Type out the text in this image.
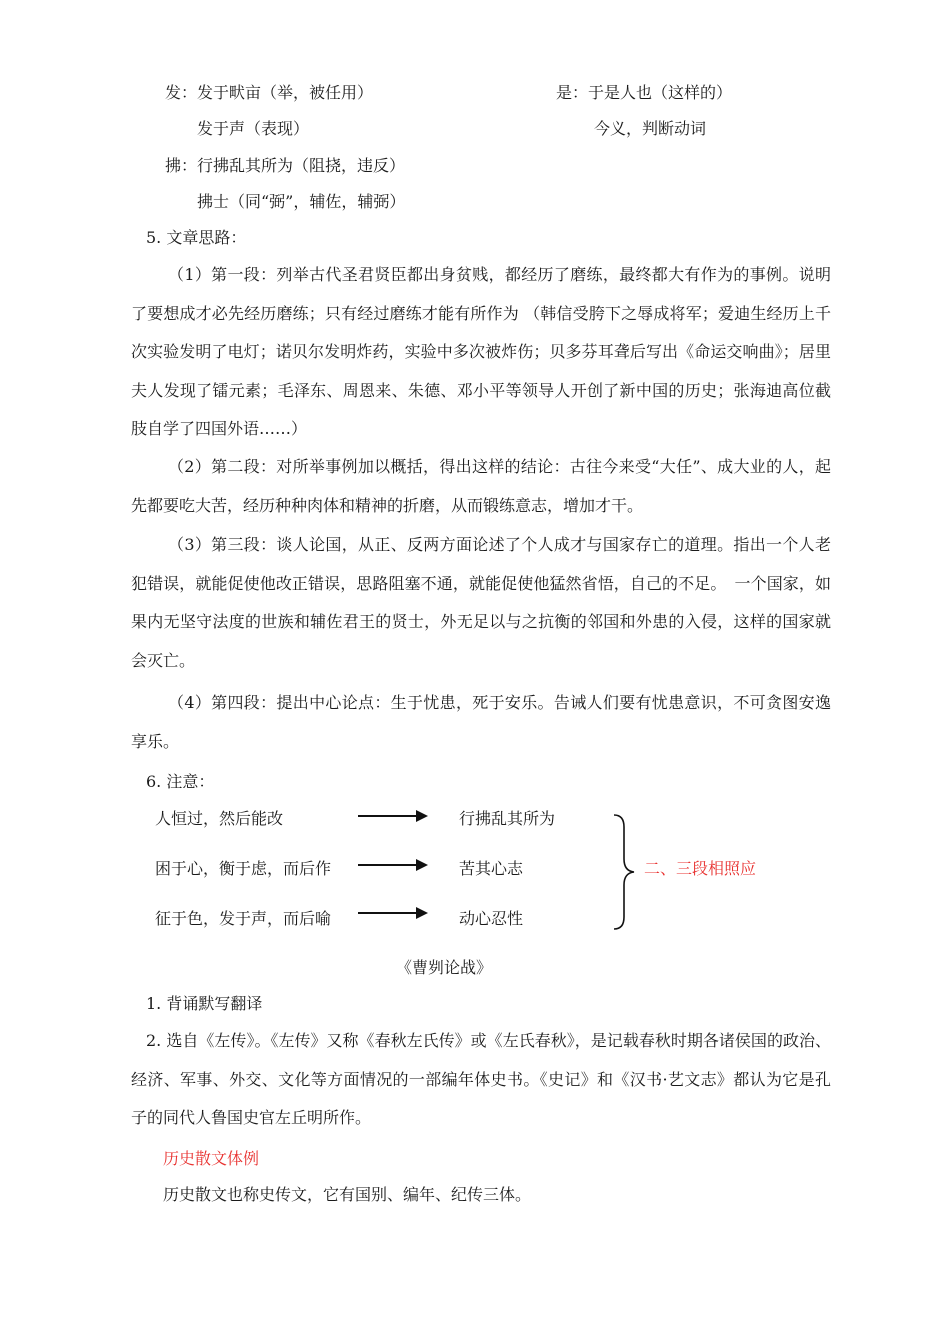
发：发于畎亩（举，被任用）	是：于是人也（这样的）
发于声（表现）	今义，判断动词
拂：行拂乱其所为（阻挠，违反）
拂士（同“弼”，辅佐，辅弼）
5. 文章思路：
（1）第一段：列举古代圣君贤臣都出身贫贱，都经历了磨练，最终都大有作为的事例。说明了要想成才必先经历磨练；只有经过磨练才能有所作为 （韩信受胯下之辱成将军；爱迪生经历上千次实验发明了电灯；诺贝尔发明炸药，实验中多次被炸伤；贝多芬耳聋后写出《命运交响曲》；居里夫人发现了镭元素；毛泽东、周恩来、朱德、邓小平等领导人开创了新中国的历史；张海迪高位截肢自学了四国外语……）
（2）第二段：对所举事例加以概括，得出这样的结论：古往今来受“大任”、成大业的人，起先都要吃大苦，经历种种肉体和精神的折磨，从而锻练意志，增加才干。
（3）第三段：谈人论国，从正、反两方面论述了个人成才与国家存亡的道理。指出一个人老犯错误，就能促使他改正错误，思路阻塞不通，就能促使他猛然省悟，自己的不足。　一个国家，如果内无坚守法度的世族和辅佐君王的贤士，外无足以与之抗衡的邻国和外患的入侵，这样的国家就会灭亡。
（4）第四段：提出中心论点：生于忧患，死于安乐。告诫人们要有忧患意识，不可贪图安逸享乐。
6. 注意：
人恒过，然后能改	行拂乱其所为
困于心，衡于虑，而后作	苦其心志
征于色，发于声，而后喻	动心忍性
二、三段相照应
《曹刿论战》
1. 背诵默写翻译
2. 选自《左传》。《左传》又称《春秋左氏传》或《左氏春秋》，是记载春秋时期各诸侯国的政治、经济、军事、外交、文化等方面情况的一部编年体史书。《史记》和《汉书·艺文志》都认为它是孔子的同代人鲁国史官左丘明所作。
历史散文体例
历史散文也称史传文，它有国别、编年、纪传三体。
